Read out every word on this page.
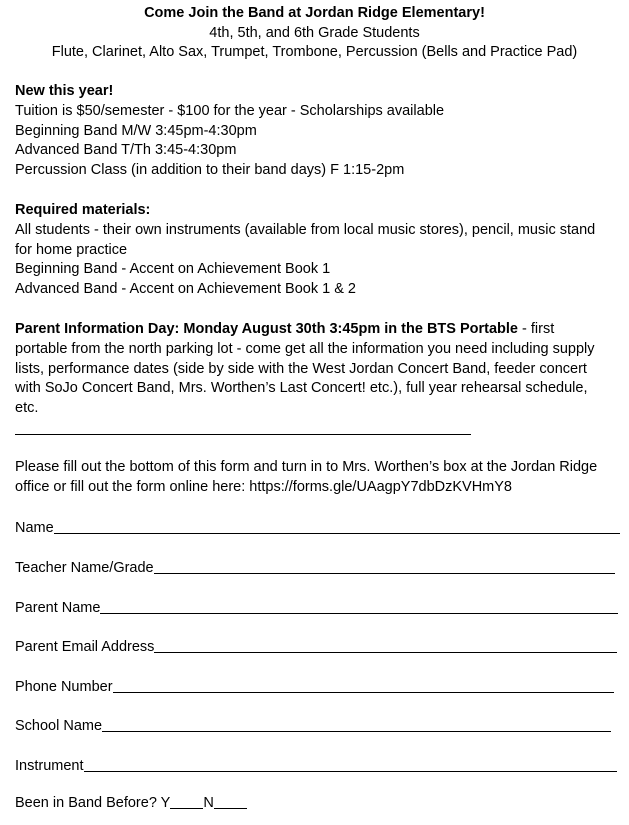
Come Join the Band at Jordan Ridge Elementary!
4th, 5th, and 6th Grade Students
Flute, Clarinet, Alto Sax, Trumpet, Trombone, Percussion (Bells and Practice Pad)
New this year!
Tuition is $50/semester - $100 for the year - Scholarships available
Beginning Band M/W 3:45pm-4:30pm
Advanced Band T/Th 3:45-4:30pm
Percussion Class (in addition to their band days) F 1:15-2pm
Required materials:
All students - their own instruments (available from local music stores), pencil, music stand
for home practice
Beginning Band - Accent on Achievement Book 1
Advanced Band - Accent on Achievement Book 1 & 2
Parent Information Day: Monday August 30th 3:45pm in the BTS Portable - first
portable from the north parking lot - come get all the information you need including supply
lists, performance dates (side by side with the West Jordan Concert Band, feeder concert
with SoJo Concert Band, Mrs. Worthen’s Last Concert! etc.), full year rehearsal schedule,
etc.
Please fill out the bottom of this form and turn in to Mrs. Worthen’s box at the Jordan Ridge
office or fill out the form online here: https://forms.gle/UAagpY7dbDzKVHmY8
Name
Teacher Name/Grade
Parent Name
Parent Email Address
Phone Number
School Name
Instrument
Been in Band Before? Y N
